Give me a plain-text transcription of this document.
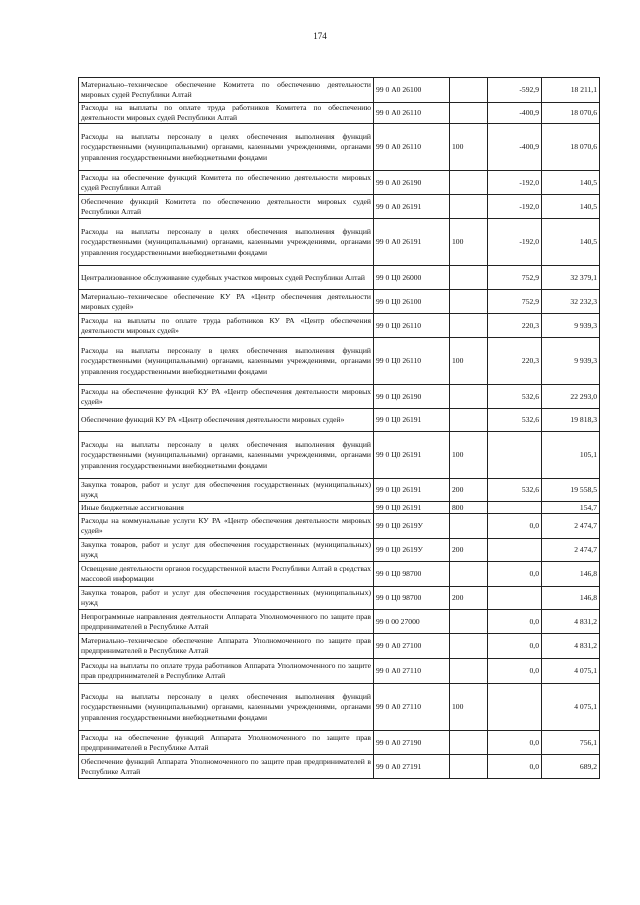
174
Материально–техническое обеспечение Комитета по обеспечению деятельности мировых судей Республики Алтай	99 0 А0 26100		-592,9	18 211,1
Расходы на выплаты по оплате труда работников Комитета по обеспечению деятельности мировых судей Республики Алтай	99 0 А0 26110		-400,9	18 070,6
Расходы на выплаты персоналу в целях обеспечения выполнения функций государственными (муниципальными) органами, казенными учреждениями, органами управления государственными внебюджетными фондами	99 0 А0 26110	100	-400,9	18 070,6
Расходы на обеспечение функций Комитета по обеспечению деятельности мировых судей Республики Алтай	99 0 А0 26190		-192,0	140,5
Обеспечение функций Комитета по обеспечению деятельности мировых судей Республики Алтай	99 0 А0 26191		-192,0	140,5
Расходы на выплаты персоналу в целях обеспечения выполнения функций государственными (муниципальными) органами, казенными учреждениями, органами управления государственными внебюджетными фондами	99 0 А0 26191	100	-192,0	140,5
Централизованное обслуживание судебных участков мировых судей Республики Алтай	99 0 Ц0 26000		752,9	32 379,1
Материально–техническое обеспечение КУ РА «Центр обеспечения деятельности мировых судей»	99 0 Ц0 26100		752,9	32 232,3
Расходы на выплаты по оплате труда работников КУ РА «Центр обеспечения деятельности мировых судей»	99 0 Ц0 26110		220,3	9 939,3
Расходы на выплаты персоналу в целях обеспечения выполнения функций государственными (муниципальными) органами, казенными учреждениями, органами управления государственными внебюджетными фондами	99 0 Ц0 26110	100	220,3	9 939,3
Расходы на обеспечение функций КУ РА «Центр обеспечения деятельности мировых судей»	99 0 Ц0 26190		532,6	22 293,0
Обеспечение функций КУ РА «Центр обеспечения деятельности мировых судей»	99 0 Ц0 26191		532,6	19 818,3
Расходы на выплаты персоналу в целях обеспечения выполнения функций государственными (муниципальными) органами, казенными учреждениями, органами управления государственными внебюджетными фондами	99 0 Ц0 26191	100		105,1
Закупка товаров, работ и услуг для обеспечения государственных (муниципальных) нужд	99 0 Ц0 26191	200	532,6	19 558,5
Иные бюджетные ассигнования	99 0 Ц0 26191	800		154,7
Расходы на коммунальные услуги КУ РА «Центр обеспечения деятельности мировых судей»	99 0 Ц0 2619У		0,0	2 474,7
Закупка товаров, работ и услуг для обеспечения государственных (муниципальных) нужд	99 0 Ц0 2619У	200		2 474,7
Освещение деятельности органов государственной власти Республики Алтай в средствах массовой информации	99 0 Ц0 98700		0,0	146,8
Закупка товаров, работ и услуг для обеспечения государственных (муниципальных) нужд	99 0 Ц0 98700	200		146,8
Непрограммные направления деятельности Аппарата Уполномоченного по защите прав предпринимателей в Республике Алтай	99 0 00 27000		0,0	4 831,2
Материально–техническое обеспечение Аппарата Уполномоченного по защите прав предпринимателей в Республике Алтай	99 0 А0 27100		0,0	4 831,2
Расходы на выплаты по оплате труда работников Аппарата Уполномоченного по защите прав предпринимателей в Республике Алтай	99 0 А0 27110		0,0	4 075,1
Расходы на выплаты персоналу в целях обеспечения выполнения функций государственными (муниципальными) органами, казенными учреждениями, органами управления государственными внебюджетными фондами	99 0 А0 27110	100		4 075,1
Расходы на обеспечение функций Аппарата Уполномоченного по защите прав предпринимателей в Республике Алтай	99 0 А0 27190		0,0	756,1
Обеспечение функций Аппарата Уполномоченного по защите прав предпринимателей в Республике Алтай	99 0 А0 27191		0,0	689,2
